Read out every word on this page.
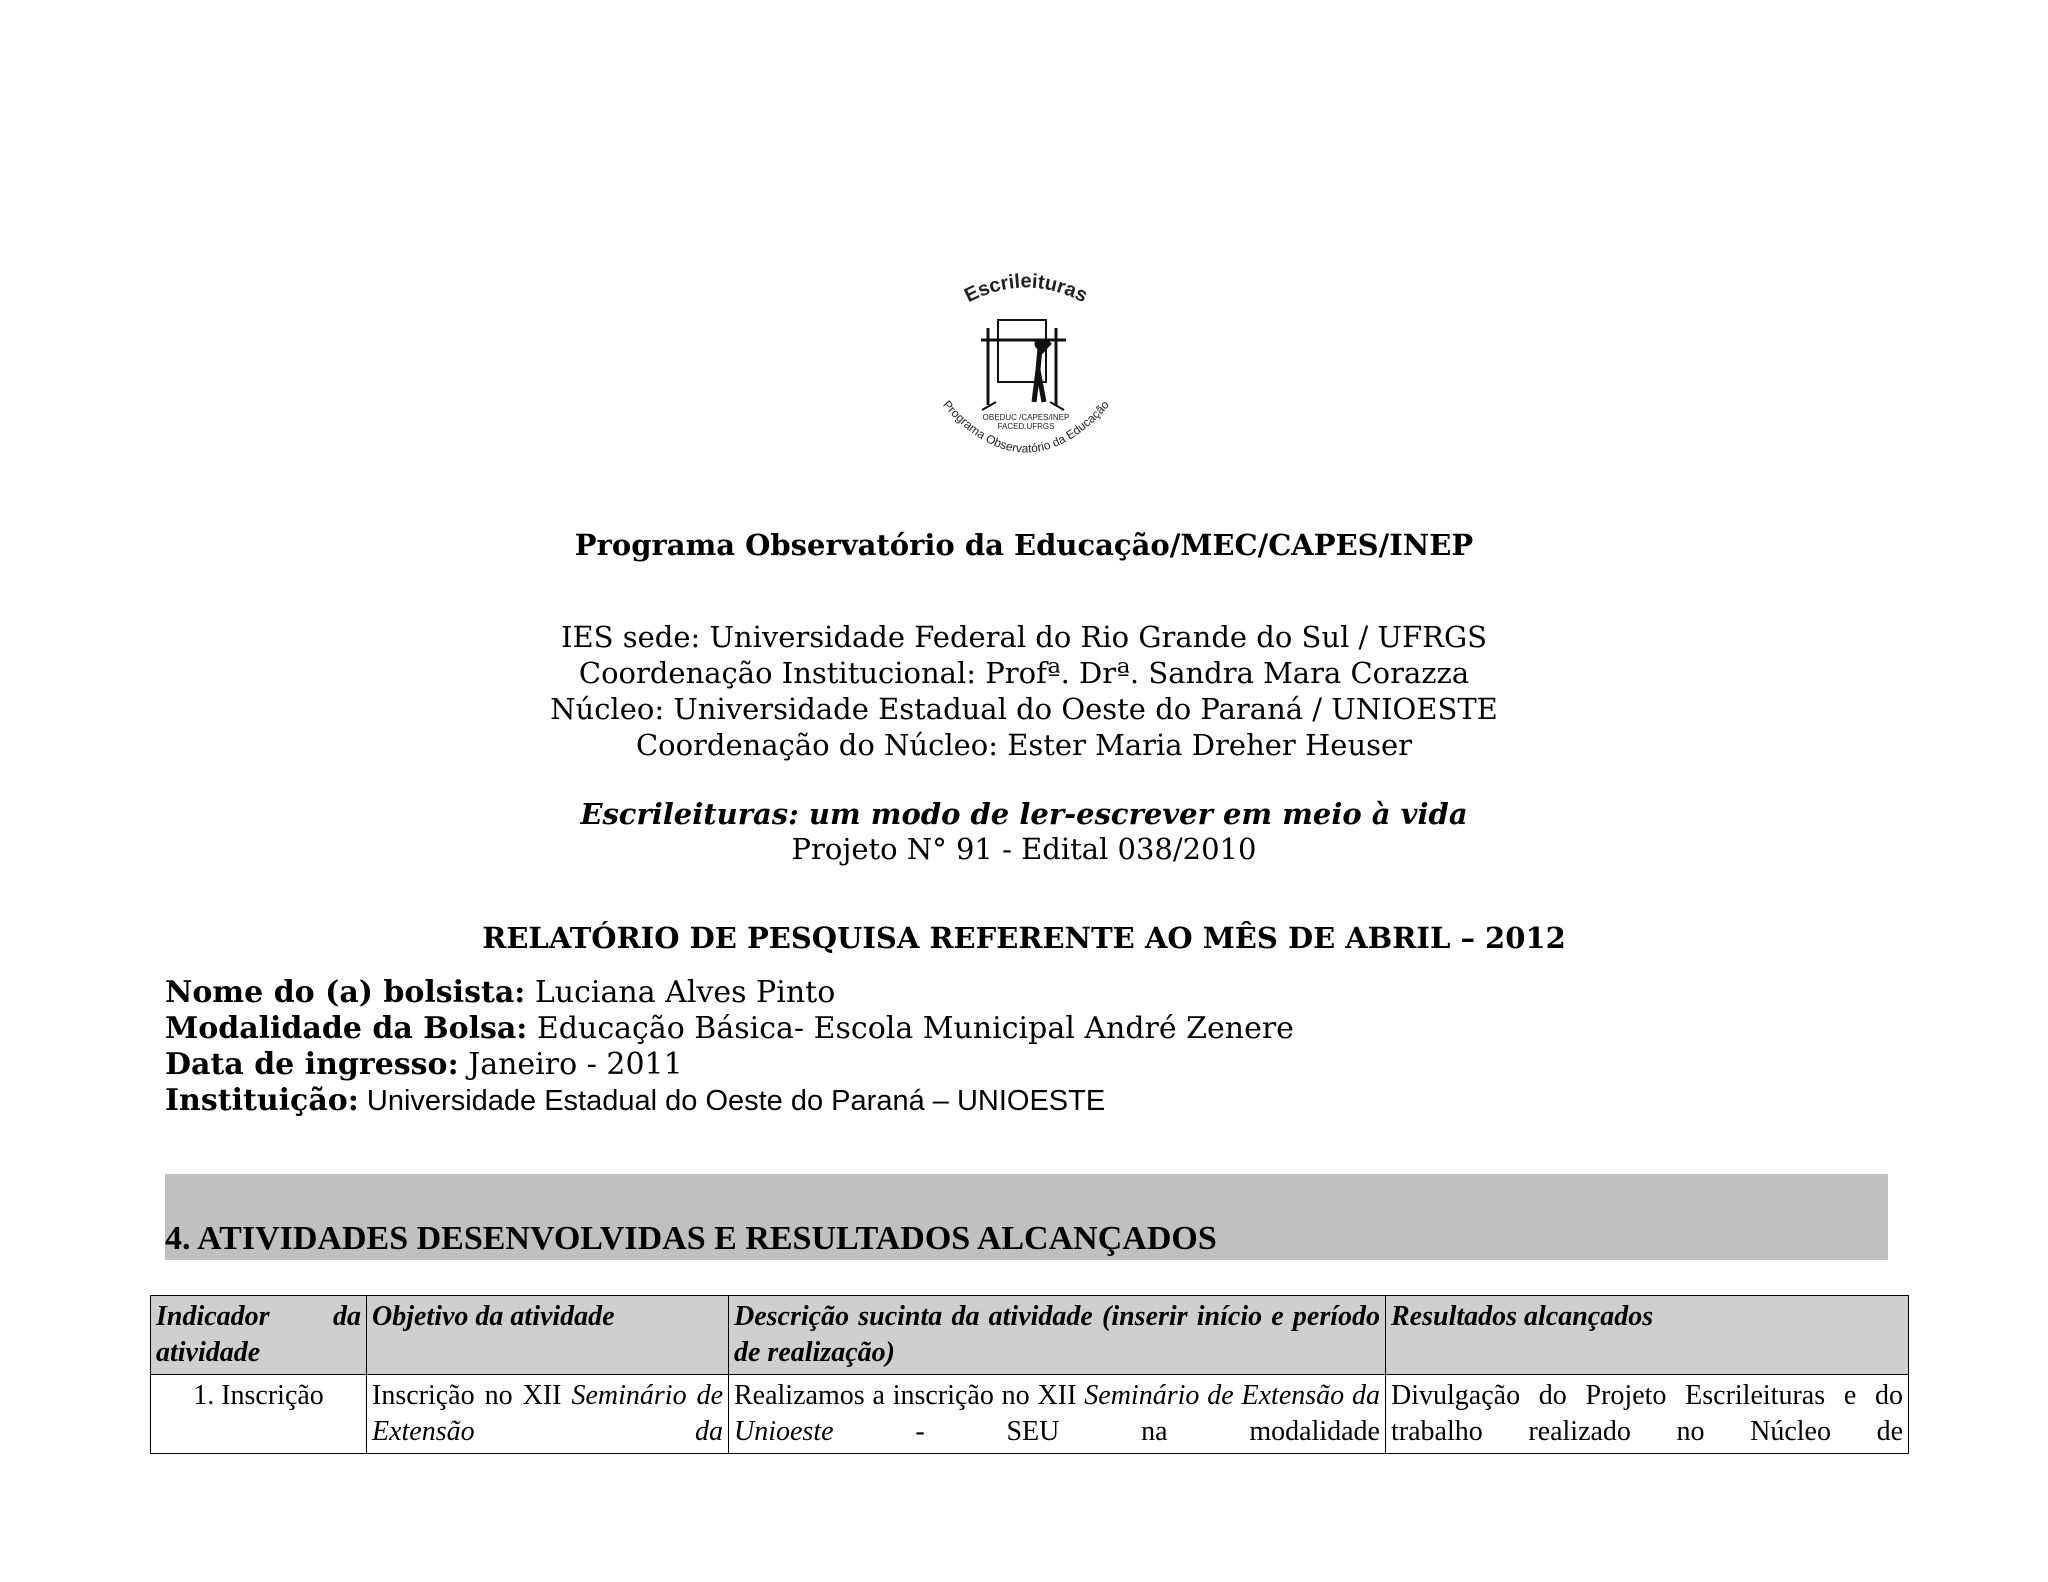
Escrileituras
OBEDUC /CAPES/INEP
FACED.UFRGS
Programa Observatório da Educação
Programa Observatório da Educação/MEC/CAPES/INEP
IES sede: Universidade Federal do Rio Grande do Sul / UFRGS
Coordenação Institucional: Profª. Drª. Sandra Mara Corazza
Núcleo: Universidade Estadual do Oeste do Paraná / UNIOESTE
Coordenação do Núcleo: Ester Maria Dreher Heuser
Escrileituras: um modo de ler-escrever em meio à vida
Projeto N° 91 - Edital 038/2010
RELATÓRIO DE PESQUISA REFERENTE AO MÊS DE ABRIL – 2012
Nome do (a) bolsista: Luciana Alves Pinto
Modalidade da Bolsa: Educação Básica- Escola Municipal André Zenere
Data de ingresso: Janeiro - 2011
Instituição: Universidade Estadual do Oeste do Paraná – UNIOESTE
4. ATIVIDADES DESENVOLVIDAS E RESULTADOS ALCANÇADOS
Indicador da atividade	Objetivo da atividade	Descrição sucinta da atividade (inserir início e período de realização)	Resultados alcançados
1. Inscrição	Inscrição no XII Seminário de Extensão da	Realizamos a inscrição no XII Seminário de Extensão da Unioeste - SEU na modalidade	Divulgação do Projeto Escrileituras e do trabalho realizado no Núcleo de
